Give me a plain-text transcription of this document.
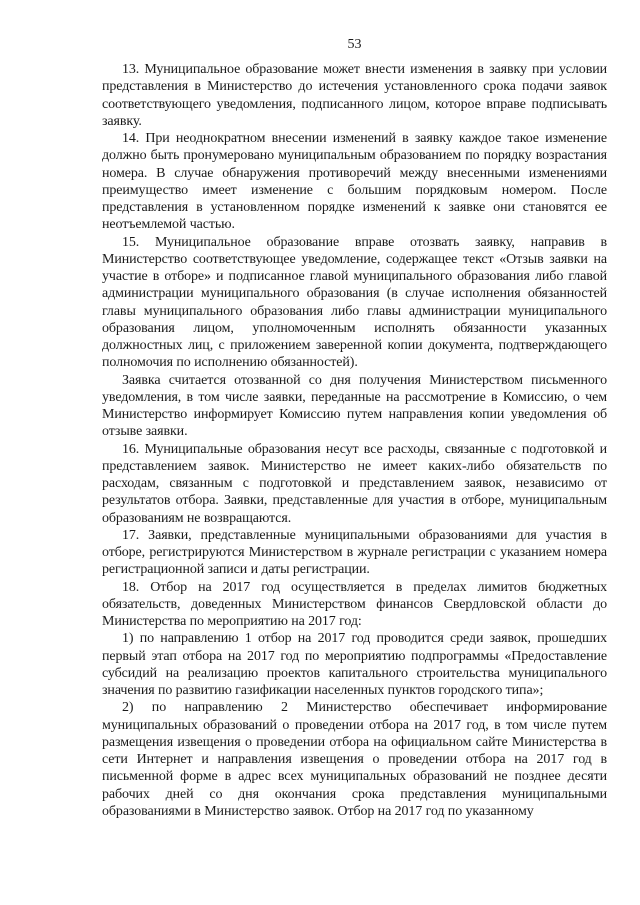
53

13. Муниципальное образование может внести изменения в заявку при условии представления в Министерство до истечения установленного срока подачи заявок соответствующего уведомления, подписанного лицом, которое вправе подписывать заявку.

14. При неоднократном внесении изменений в заявку каждое такое изменение должно быть пронумеровано муниципальным образованием по порядку возрастания номера. В случае обнаружения противоречий между внесенными изменениями преимущество имеет изменение с большим порядковым номером. После представления в установленном порядке изменений к заявке они становятся ее неотъемлемой частью.

15. Муниципальное образование вправе отозвать заявку, направив в Министерство соответствующее уведомление, содержащее текст «Отзыв заявки на участие в отборе» и подписанное главой муниципального образования либо главой администрации муниципального образования (в случае исполнения обязанностей главы муниципального образования либо главы администрации муниципального образования лицом, уполномоченным исполнять обязанности указанных должностных лиц, с приложением заверенной копии документа, подтверждающего полномочия по исполнению обязанностей).

Заявка считается отозванной со дня получения Министерством письменного уведомления, в том числе заявки, переданные на рассмотрение в Комиссию, о чем Министерство информирует Комиссию путем направления копии уведомления об отзыве заявки.

16. Муниципальные образования несут все расходы, связанные с подготовкой и представлением заявок. Министерство не имеет каких-либо обязательств по расходам, связанным с подготовкой и представлением заявок, независимо от результатов отбора. Заявки, представленные для участия в отборе, муниципальным образованиям не возвращаются.

17. Заявки, представленные муниципальными образованиями для участия в отборе, регистрируются Министерством в журнале регистрации с указанием номера регистрационной записи и даты регистрации.

18. Отбор на 2017 год осуществляется в пределах лимитов бюджетных обязательств, доведенных Министерством финансов Свердловской области до Министерства по мероприятию на 2017 год:

1) по направлению 1 отбор на 2017 год проводится среди заявок, прошедших первый этап отбора на 2017 год по мероприятию подпрограммы «Предоставление субсидий на реализацию проектов капитального строительства муниципального значения по развитию газификации населенных пунктов городского типа»;

2) по направлению 2 Министерство обеспечивает информирование муниципальных образований о проведении отбора на 2017 год, в том числе путем размещения извещения о проведении отбора на официальном сайте Министерства в сети Интернет и направления извещения о проведении отбора на 2017 год в письменной форме в адрес всех муниципальных образований не позднее десяти рабочих дней со дня окончания срока представления муниципальными образованиями в Министерство заявок. Отбор на 2017 год по указанному
